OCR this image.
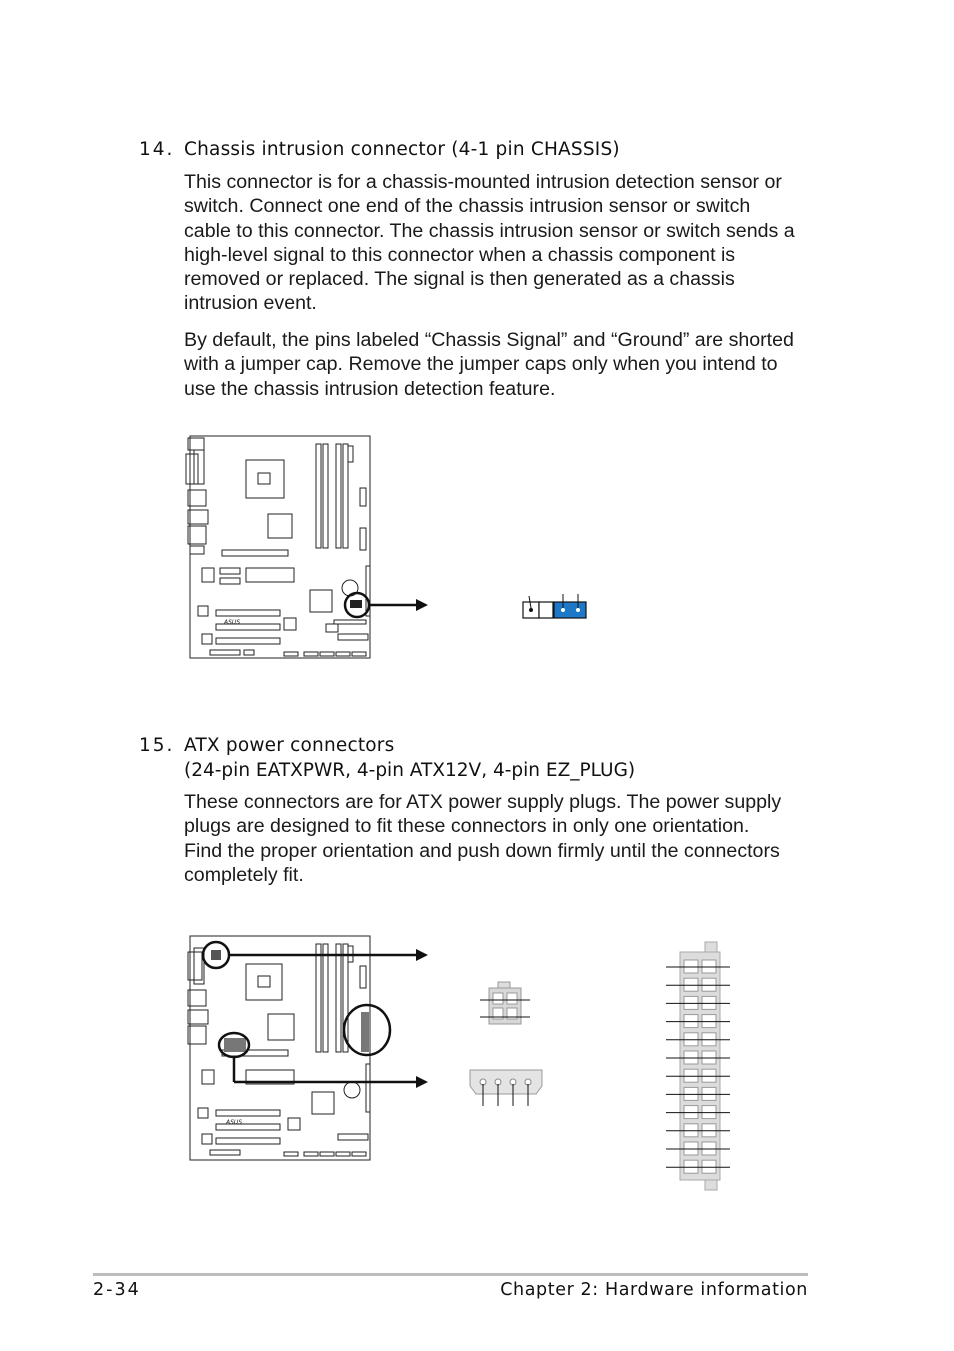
14. Chassis intrusion connector (4-1 pin CHASSIS)
This connector is for a chassis-mounted intrusion detection sensor or
switch. Connect one end of the chassis intrusion sensor or switch
cable to this connector. The chassis intrusion sensor or switch sends a
high-level signal to this connector when a chassis component is
removed or replaced. The signal is then generated as a chassis
intrusion event.
By default, the pins labeled “Chassis Signal” and “Ground” are shorted
with a jumper cap. Remove the jumper caps only when you intend to
use the chassis intrusion detection feature.
ASUS
15. ATX power connectors
(24-pin EATXPWR, 4-pin ATX12V, 4-pin EZ_PLUG)
These connectors are for ATX power supply plugs. The power supply
plugs are designed to fit these connectors in only one orientation.
Find the proper orientation and push down firmly until the connectors
completely fit.
ASUS
2-34	Chapter 2: Hardware information
